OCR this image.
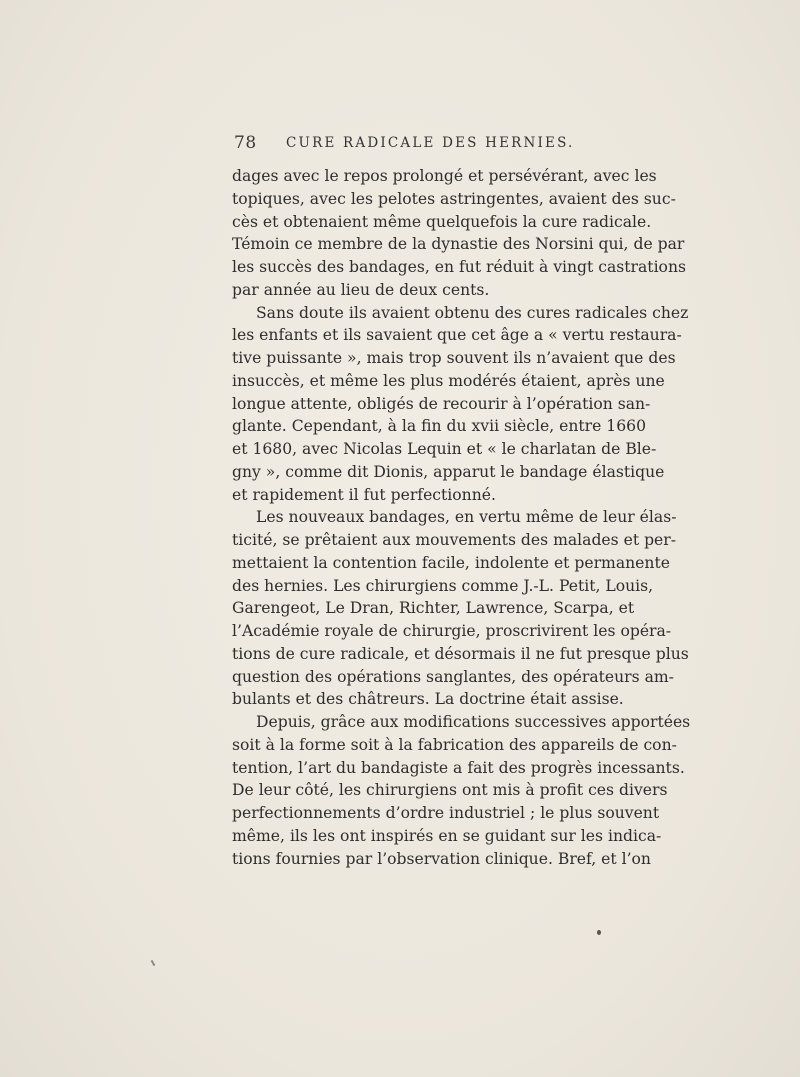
78 CURE RADICALE DES HERNIES.

dages avec le repos prolongé et persévérant, avec les
topiques, avec les pelotes astringentes, avaient des suc-
cès et obtenaient même quelquefois la cure radicale.
Témoin ce membre de la dynastie des Norsini qui, de par
les succès des bandages, en fut réduit à vingt castrations
par année au lieu de deux cents.

Sans doute ils avaient obtenu des cures radicales chez
les enfants et ils savaient que cet âge a « vertu restaura-
tive puissante », mais trop souvent ils n’avaient que des
insuccès, et même les plus modérés étaient, après une
longue attente, obligés de recourir à l’opération san-
glante. Cependant, à la fin du xvii siècle, entre 1660
et 1680, avec Nicolas Lequin et « le charlatan de Ble-
gny », comme dit Dionis, apparut le bandage élastique
et rapidement il fut perfectionné.

Les nouveaux bandages, en vertu même de leur élas-
ticité, se prêtaient aux mouvements des malades et per-
mettaient la contention facile, indolente et permanente
des hernies. Les chirurgiens comme J.-L. Petit, Louis,
Garengeot, Le Dran, Richter, Lawrence, Scarpa, et
l’Académie royale de chirurgie, proscrivirent les opéra-
tions de cure radicale, et désormais il ne fut presque plus
question des opérations sanglantes, des opérateurs am-
bulants et des châtreurs. La doctrine était assise.

Depuis, grâce aux modifications successives apportées
soit à la forme soit à la fabrication des appareils de con-
tention, l’art du bandagiste a fait des progrès incessants.
De leur côté, les chirurgiens ont mis à profit ces divers
perfectionnements d’ordre industriel ; le plus souvent
même, ils les ont inspirés en se guidant sur les indica-
tions fournies par l’observation clinique. Bref, et l’on
